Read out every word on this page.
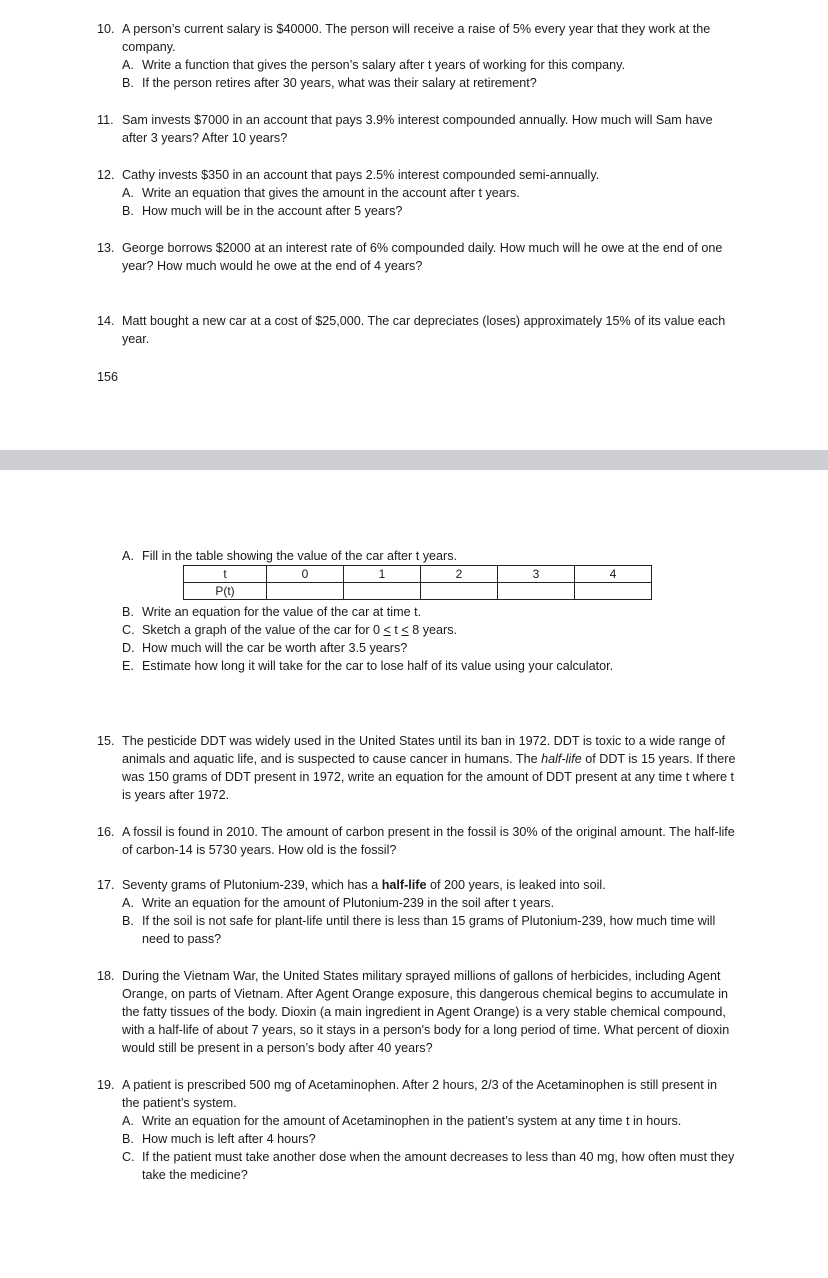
10. A person’s current salary is $40000. The person will receive a raise of 5% every year that they work at the company.
A. Write a function that gives the person’s salary after t years of working for this company.
B. If the person retires after 30 years, what was their salary at retirement?
11. Sam invests $7000 in an account that pays 3.9% interest compounded annually. How much will Sam have after 3 years? After 10 years?
12. Cathy invests $350 in an account that pays 2.5% interest compounded semi-annually.
A. Write an equation that gives the amount in the account after t years.
B. How much will be in the account after 5 years?
13. George borrows $2000 at an interest rate of 6% compounded daily. How much will he owe at the end of one year? How much would he owe at the end of 4 years?
14. Matt bought a new car at a cost of $25,000. The car depreciates (loses) approximately 15% of its value each year.
156
A. Fill in the table showing the value of the car after t years.
t	0	1	2	3	4
P(t)					
B. Write an equation for the value of the car at time t.
C. Sketch a graph of the value of the car for 0 < t < 8 years.
D. How much will the car be worth after 3.5 years?
E. Estimate how long it will take for the car to lose half of its value using your calculator.
15. The pesticide DDT was widely used in the United States until its ban in 1972. DDT is toxic to a wide range of animals and aquatic life, and is suspected to cause cancer in humans. The half-life of DDT is 15 years. If there was 150 grams of DDT present in 1972, write an equation for the amount of DDT present at any time t where t is years after 1972.
16. A fossil is found in 2010. The amount of carbon present in the fossil is 30% of the original amount. The half-life of carbon-14 is 5730 years. How old is the fossil?
17. Seventy grams of Plutonium-239, which has a half-life of 200 years, is leaked into soil.
A. Write an equation for the amount of Plutonium-239 in the soil after t years.
B. If the soil is not safe for plant-life until there is less than 15 grams of Plutonium-239, how much time will need to pass?
18. During the Vietnam War, the United States military sprayed millions of gallons of herbicides, including Agent Orange, on parts of Vietnam. After Agent Orange exposure, this dangerous chemical begins to accumulate in the fatty tissues of the body. Dioxin (a main ingredient in Agent Orange) is a very stable chemical compound, with a half-life of about 7 years, so it stays in a person's body for a long period of time. What percent of dioxin would still be present in a person’s body after 40 years?
19. A patient is prescribed 500 mg of Acetaminophen. After 2 hours, 2/3 of the Acetaminophen is still present in the patient’s system.
A. Write an equation for the amount of Acetaminophen in the patient’s system at any time t in hours.
B. How much is left after 4 hours?
C. If the patient must take another dose when the amount decreases to less than 40 mg, how often must they take the medicine?
